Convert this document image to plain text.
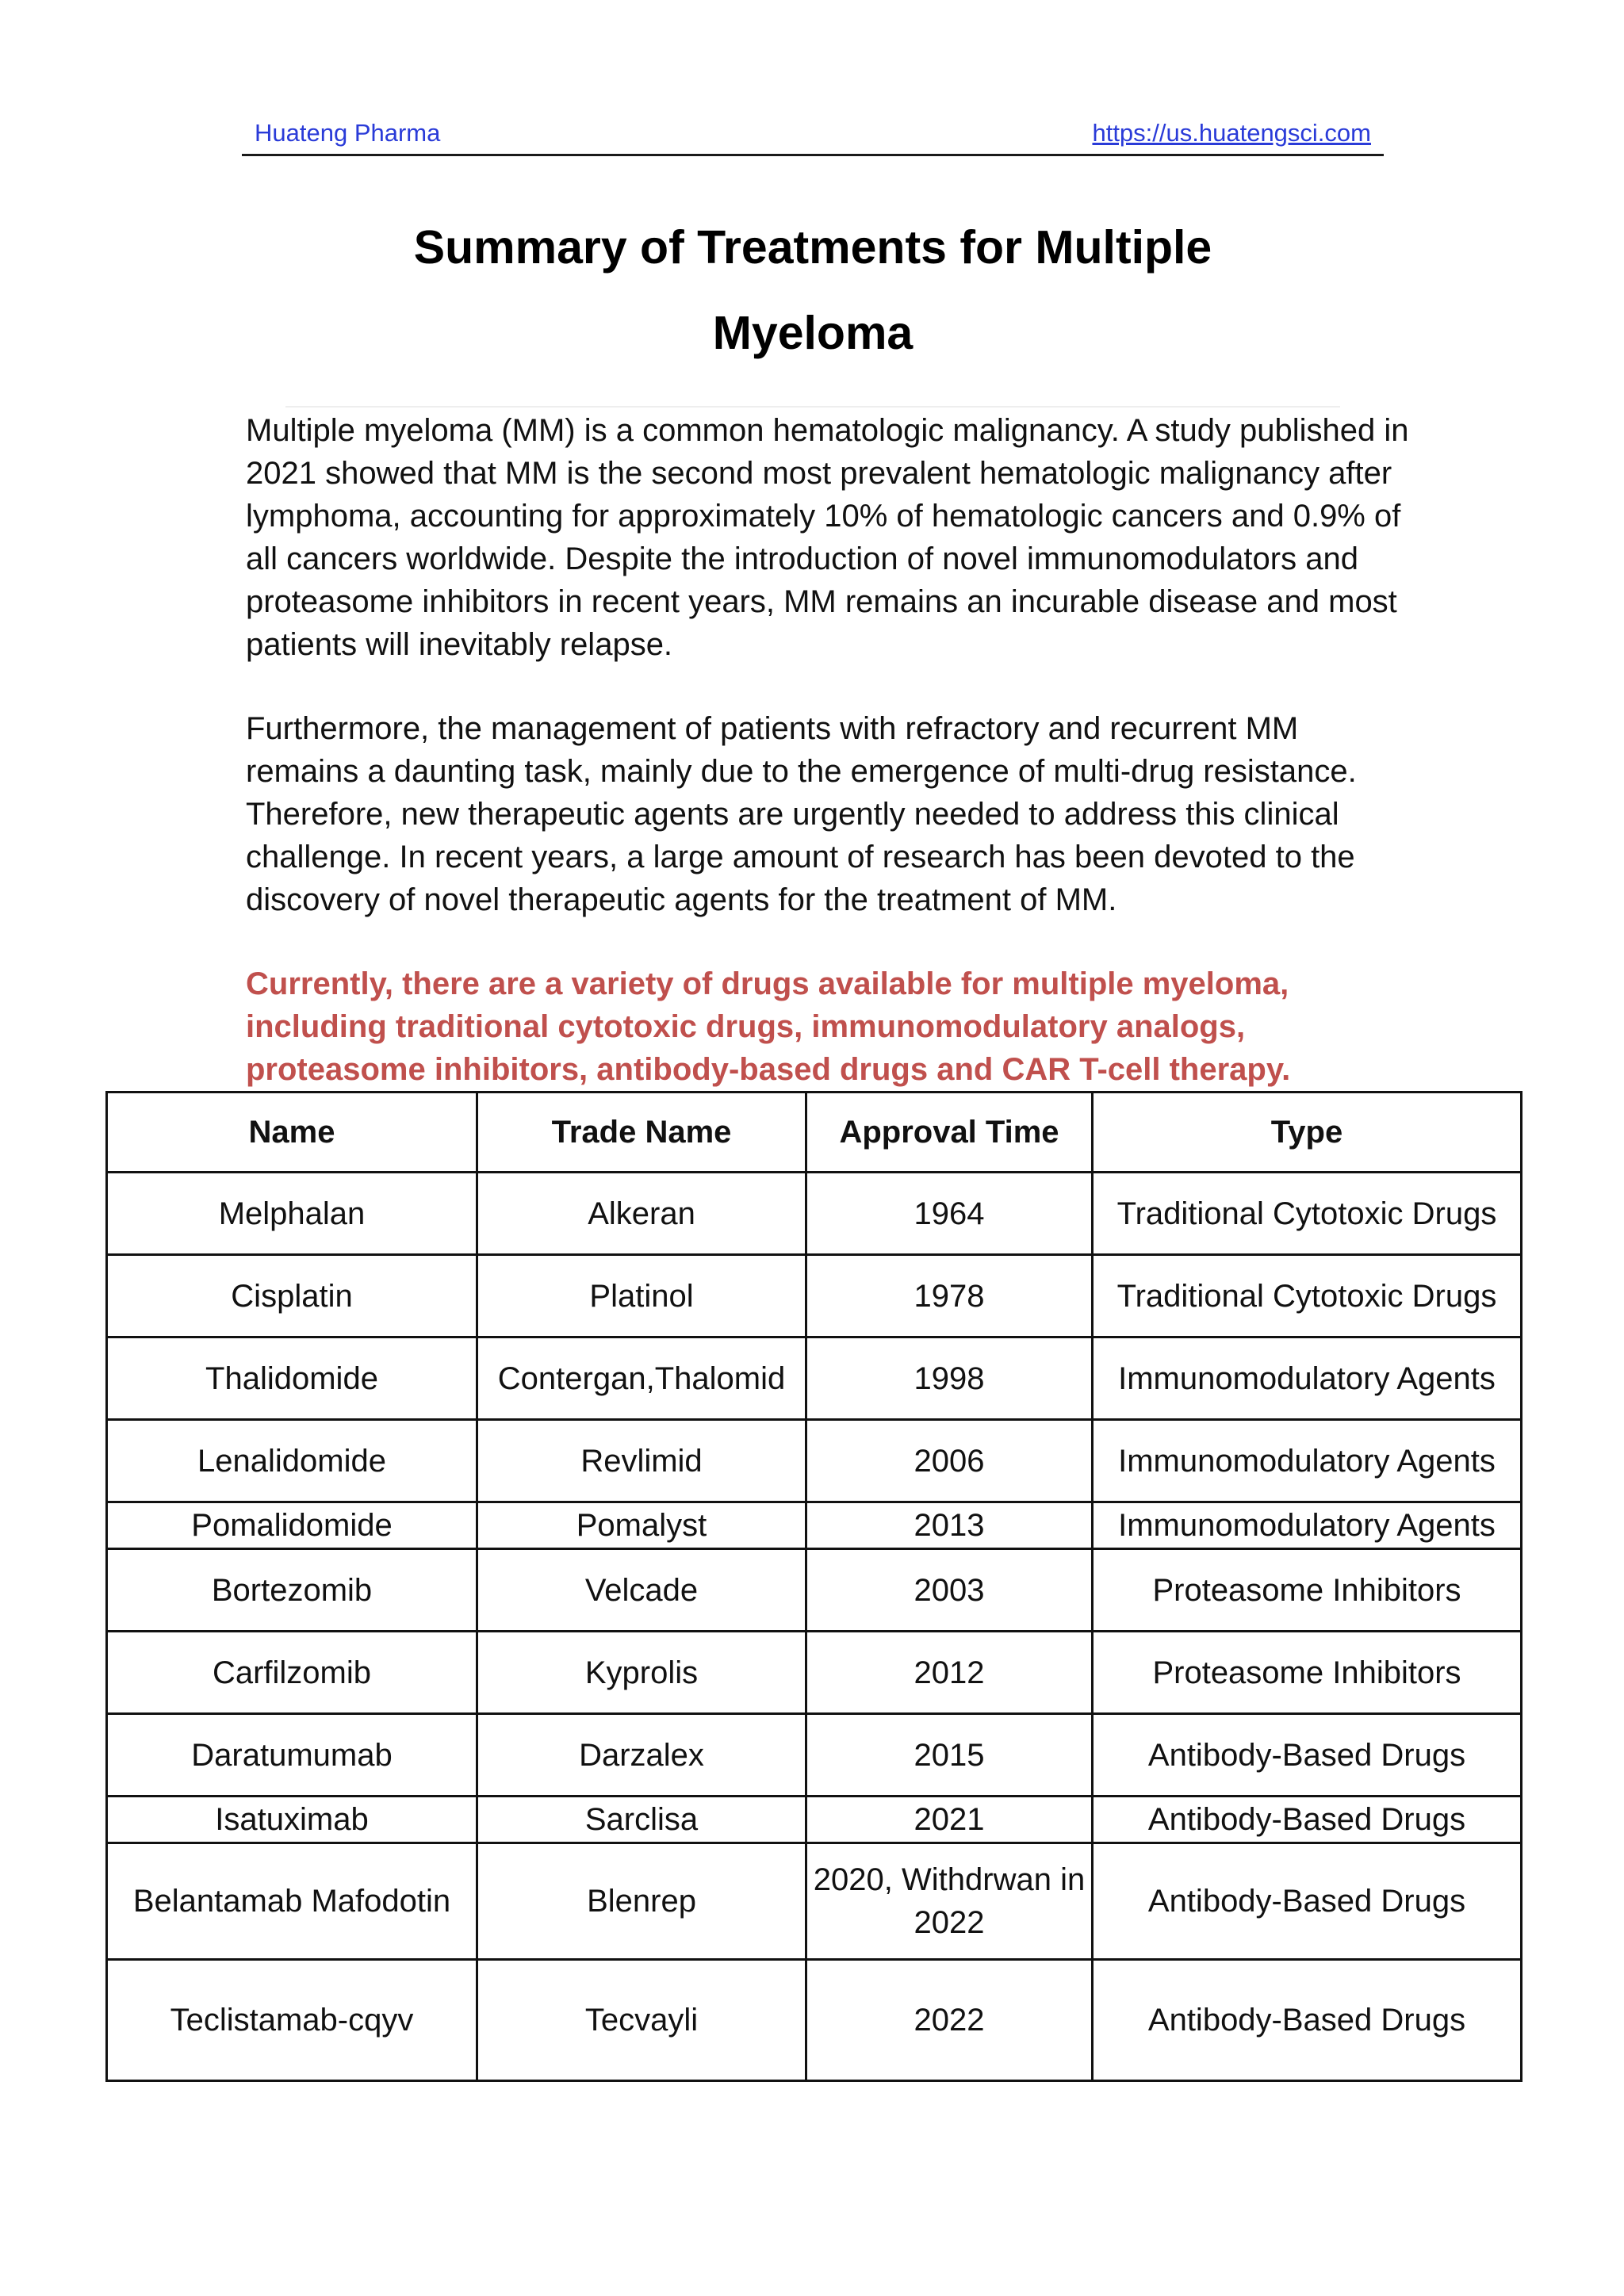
Huateng Pharma	https://us.huatengsci.com
Summary of Treatments for Multiple
Myeloma

Multiple myeloma (MM) is a common hematologic malignancy. A study published in 2021 showed that MM is the second most prevalent hematologic malignancy after lymphoma, accounting for approximately 10% of hematologic cancers and 0.9% of all cancers worldwide. Despite the introduction of novel immunomodulators and proteasome inhibitors in recent years, MM remains an incurable disease and most patients will inevitably relapse.

Furthermore, the management of patients with refractory and recurrent MM remains a daunting task, mainly due to the emergence of multi-drug resistance. Therefore, new therapeutic agents are urgently needed to address this clinical challenge. In recent years, a large amount of research has been devoted to the discovery of novel therapeutic agents for the treatment of MM.

Currently, there are a variety of drugs available for multiple myeloma, including traditional cytotoxic drugs, immunomodulatory analogs, proteasome inhibitors, antibody-based drugs and CAR T-cell therapy.

Name	Trade Name	Approval Time	Type
Melphalan	Alkeran	1964	Traditional Cytotoxic Drugs
Cisplatin	Platinol	1978	Traditional Cytotoxic Drugs
Thalidomide	Contergan,Thalomid	1998	Immunomodulatory Agents
Lenalidomide	Revlimid	2006	Immunomodulatory Agents
Pomalidomide	Pomalyst	2013	Immunomodulatory Agents
Bortezomib	Velcade	2003	Proteasome Inhibitors
Carfilzomib	Kyprolis	2012	Proteasome Inhibitors
Daratumumab	Darzalex	2015	Antibody-Based Drugs
Isatuximab	Sarclisa	2021	Antibody-Based Drugs
Belantamab Mafodotin	Blenrep	2020, Withdrwan in 2022	Antibody-Based Drugs
Teclistamab-cqyv	Tecvayli	2022	Antibody-Based Drugs
